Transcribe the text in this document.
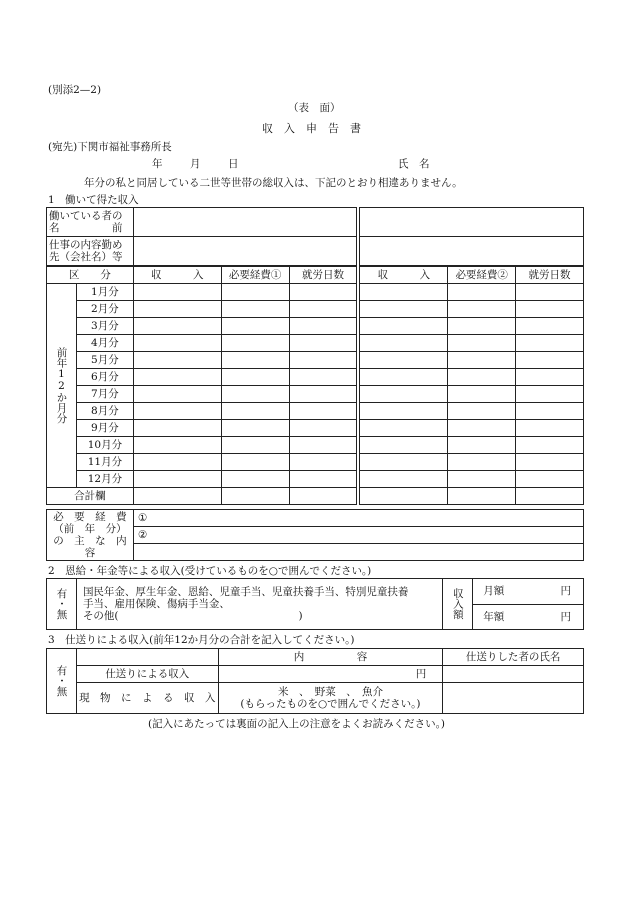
(別添2—2)
（表　面）
収　入　申　告　書
(宛先)下関市福祉事務所長
年	月	日	氏　名
年分の私と同居している二世等世帯の総収入は、下記のとおり相違ありません。
1　働いて得た収入
働いている者の
名　　　　　前			

仕事の内容勤め
先（会社名）等			

区　　分		収　　　入	必要経費①	就労日数		収　　　入	必要経費②	就労日数

前年12か月分	1月分							
	2月分							
	3月分							
	4月分							
	5月分							
	6月分							
	7月分							
	8月分							
	9月分							
	10月分							
	11月分							
	12月分							
合計欄								
必　要　経　費
（前　年　分）
の　主　な　内　容
	①
②

2　恩給・年金等による収入(受けているものを○で囲んでください。)
有・無	国民年金、厚生年金、恩給、児童手当、児童扶養手当、特別児童扶養
手当、雇用保険、傷病手当金、
その他(	)	収入額	月額	円

年額	円
3　仕送りによる収入(前年12か月分の合計を記入してください。)
有・無		内　　　　　容	仕送りした者の氏名
	仕送りによる収入	円	
	現　物　に　よ　る　収　入	米　、　野菜　、　魚介
(もらったものを○で囲んでください。)	

(記入にあたっては裏面の記入上の注意をよくお読みください。)
